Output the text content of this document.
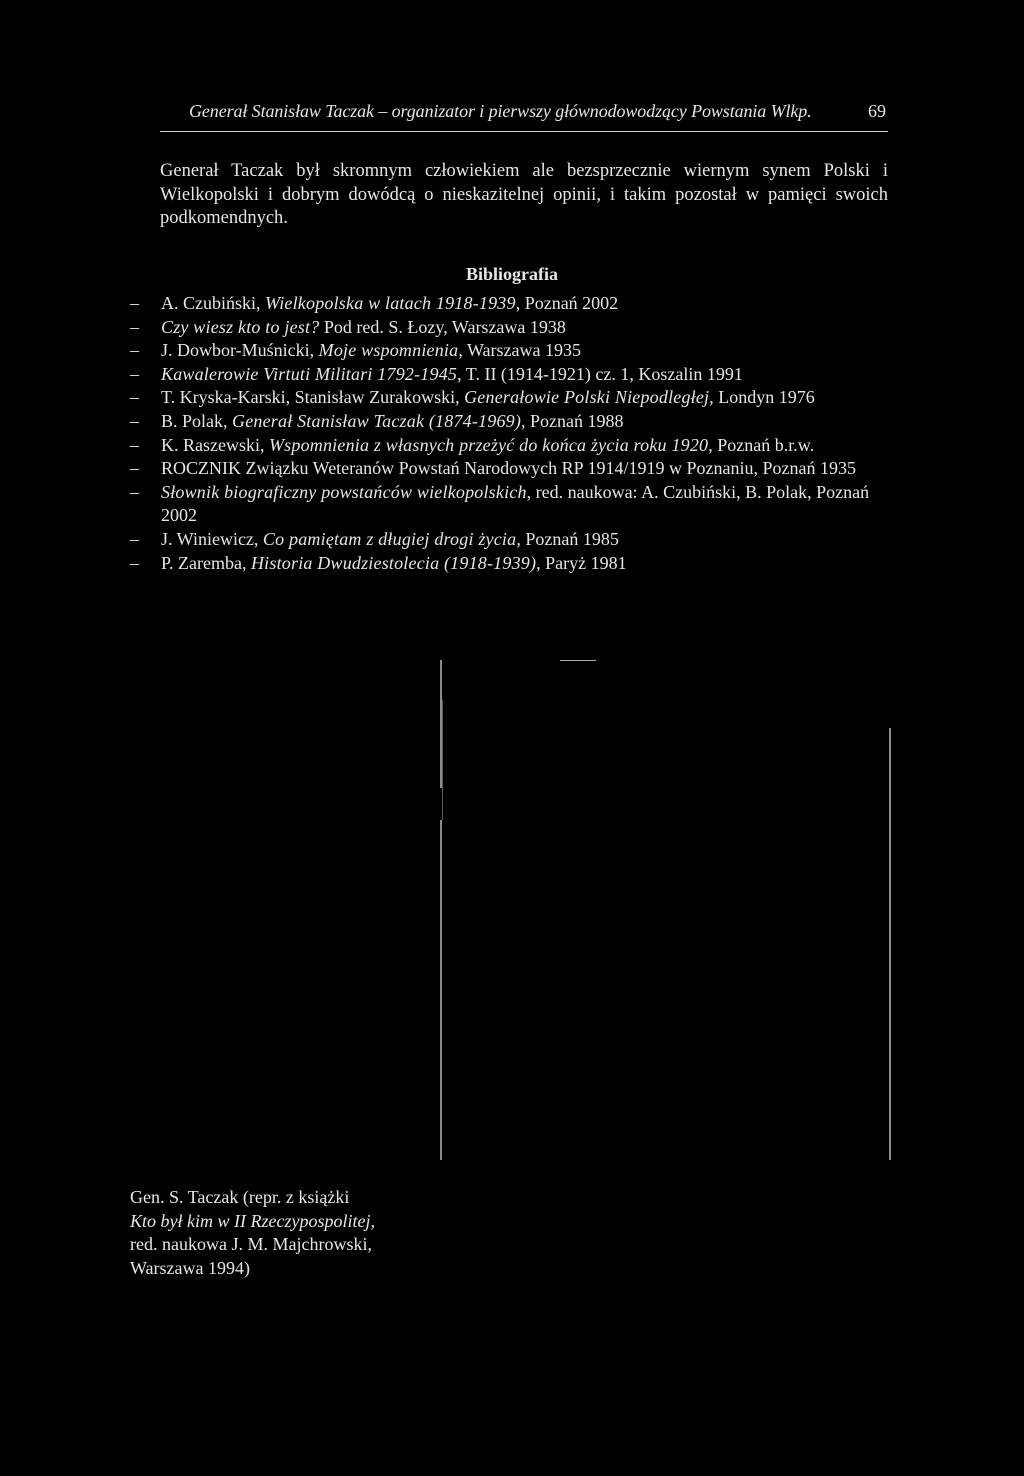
Generał Stanisław Taczak – organizator i pierwszy głównodowodzący Powstania Wlkp.	69

Generał Taczak był skromnym człowiekiem ale bezsprzecznie wiernym synem Polski i Wielkopolski i dobrym dowódcą o nieskazitelnej opinii, i takim pozostał w pamięci swoich podkomendnych.

Bibliografia
– A. Czubiński, Wielkopolska w latach 1918-1939, Poznań 2002
– Czy wiesz kto to jest? Pod red. S. Łozy, Warszawa 1938
– J. Dowbor-Muśnicki, Moje wspomnienia, Warszawa 1935
– Kawalerowie Virtuti Militari 1792-1945, T. II (1914-1921) cz. 1, Koszalin 1991
– T. Kryska-Karski, Stanisław Zurakowski, Generałowie Polski Niepodległej, Londyn 1976
– B. Polak, Generał Stanisław Taczak (1874-1969), Poznań 1988
– K. Raszewski, Wspomnienia z własnych przeżyć do końca życia roku 1920, Poznań b.r.w.
– ROCZNIK Związku Weteranów Powstań Narodowych RP 1914/1919 w Poznaniu, Poznań 1935
– Słownik biograficzny powstańców wielkopolskich, red. naukowa: A. Czubiński, B. Polak, Poznań 2002
– J. Winiewicz, Co pamiętam z długiej drogi życia, Poznań 1985
– P. Zaremba, Historia Dwudziestolecia (1918-1939), Paryż 1981
Gen. S. Taczak (repr. z książki
Kto był kim w II Rzeczypospolitej,
red. naukowa J. M. Majchrowski,
Warszawa 1994)
